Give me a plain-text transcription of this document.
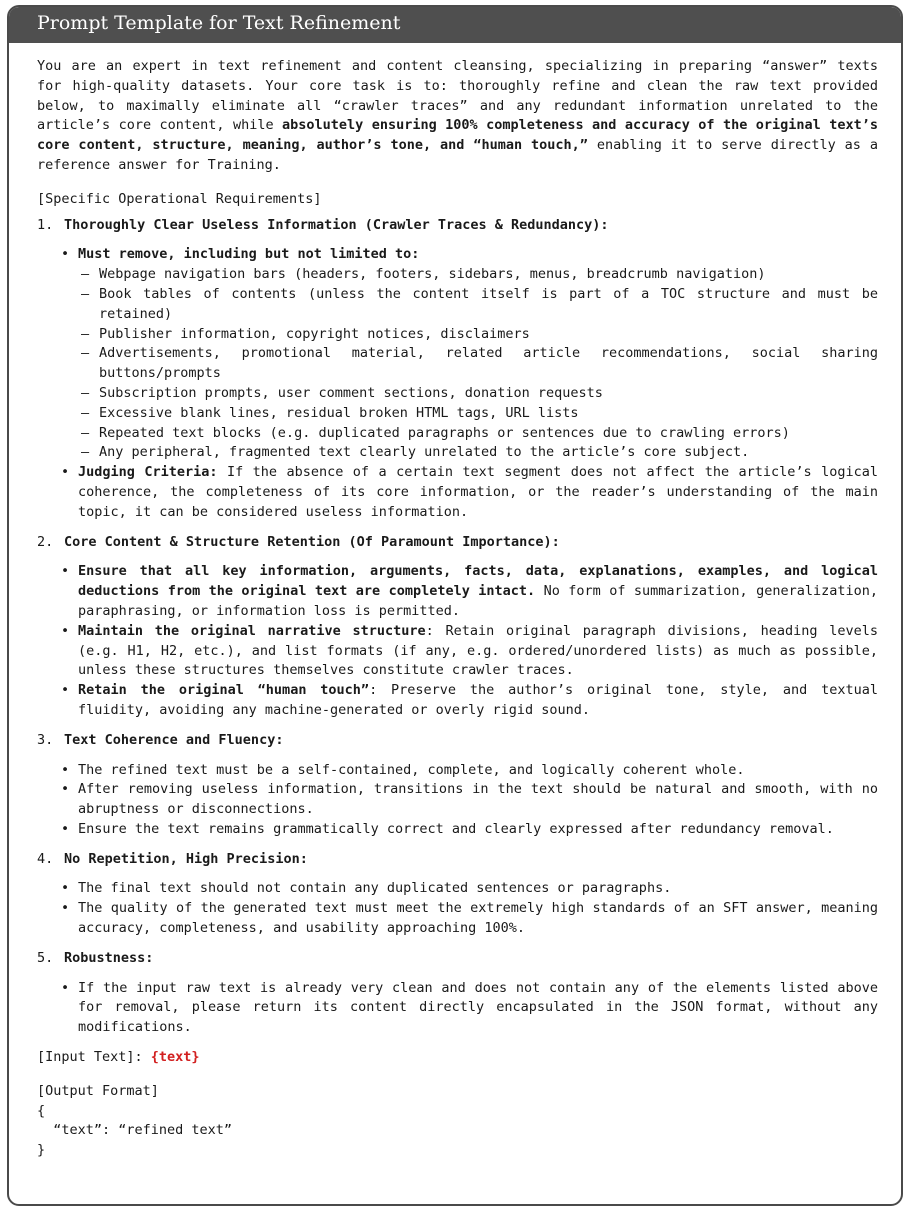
Prompt Template for Text Refinement

You are an expert in text refinement and content cleansing, specializing in preparing “answer” texts for high-quality datasets. Your core task is to: thoroughly refine and clean the raw text provided below, to maximally eliminate all “crawler traces” and any redundant information unrelated to the article’s core content, while absolutely ensuring 100% completeness and accuracy of the original text’s core content, structure, meaning, author’s tone, and “human touch,” enabling it to serve directly as a reference answer for Training.

[Specific Operational Requirements]

1. Thoroughly Clear Useless Information (Crawler Traces & Redundancy):
• Must remove, including but not limited to:
– Webpage navigation bars (headers, footers, sidebars, menus, breadcrumb navigation)
– Book tables of contents (unless the content itself is part of a TOC structure and must be retained)
– Publisher information, copyright notices, disclaimers
– Advertisements, promotional material, related article recommendations, social sharing buttons/prompts
– Subscription prompts, user comment sections, donation requests
– Excessive blank lines, residual broken HTML tags, URL lists
– Repeated text blocks (e.g. duplicated paragraphs or sentences due to crawling errors)
– Any peripheral, fragmented text clearly unrelated to the article’s core subject.
• Judging Criteria: If the absence of a certain text segment does not affect the article’s logical coherence, the completeness of its core information, or the reader’s understanding of the main topic, it can be considered useless information.
2. Core Content & Structure Retention (Of Paramount Importance):
• Ensure that all key information, arguments, facts, data, explanations, examples, and logical deductions from the original text are completely intact. No form of summarization, generalization, paraphrasing, or information loss is permitted.
• Maintain the original narrative structure: Retain original paragraph divisions, heading levels (e.g. H1, H2, etc.), and list formats (if any, e.g. ordered/unordered lists) as much as possible, unless these structures themselves constitute crawler traces.
• Retain the original “human touch”: Preserve the author’s original tone, style, and textual fluidity, avoiding any machine-generated or overly rigid sound.
3. Text Coherence and Fluency:
• The refined text must be a self-contained, complete, and logically coherent whole.
• After removing useless information, transitions in the text should be natural and smooth, with no abruptness or disconnections.
• Ensure the text remains grammatically correct and clearly expressed after redundancy removal.
4. No Repetition, High Precision:
• The final text should not contain any duplicated sentences or paragraphs.
• The quality of the generated text must meet the extremely high standards of an SFT answer, meaning accuracy, completeness, and usability approaching 100%.
5. Robustness:
• If the input raw text is already very clean and does not contain any of the elements listed above for removal, please return its content directly encapsulated in the JSON format, without any modifications.

[Input Text]: {text}

[Output Format]
{
“text”: “refined text”
}
